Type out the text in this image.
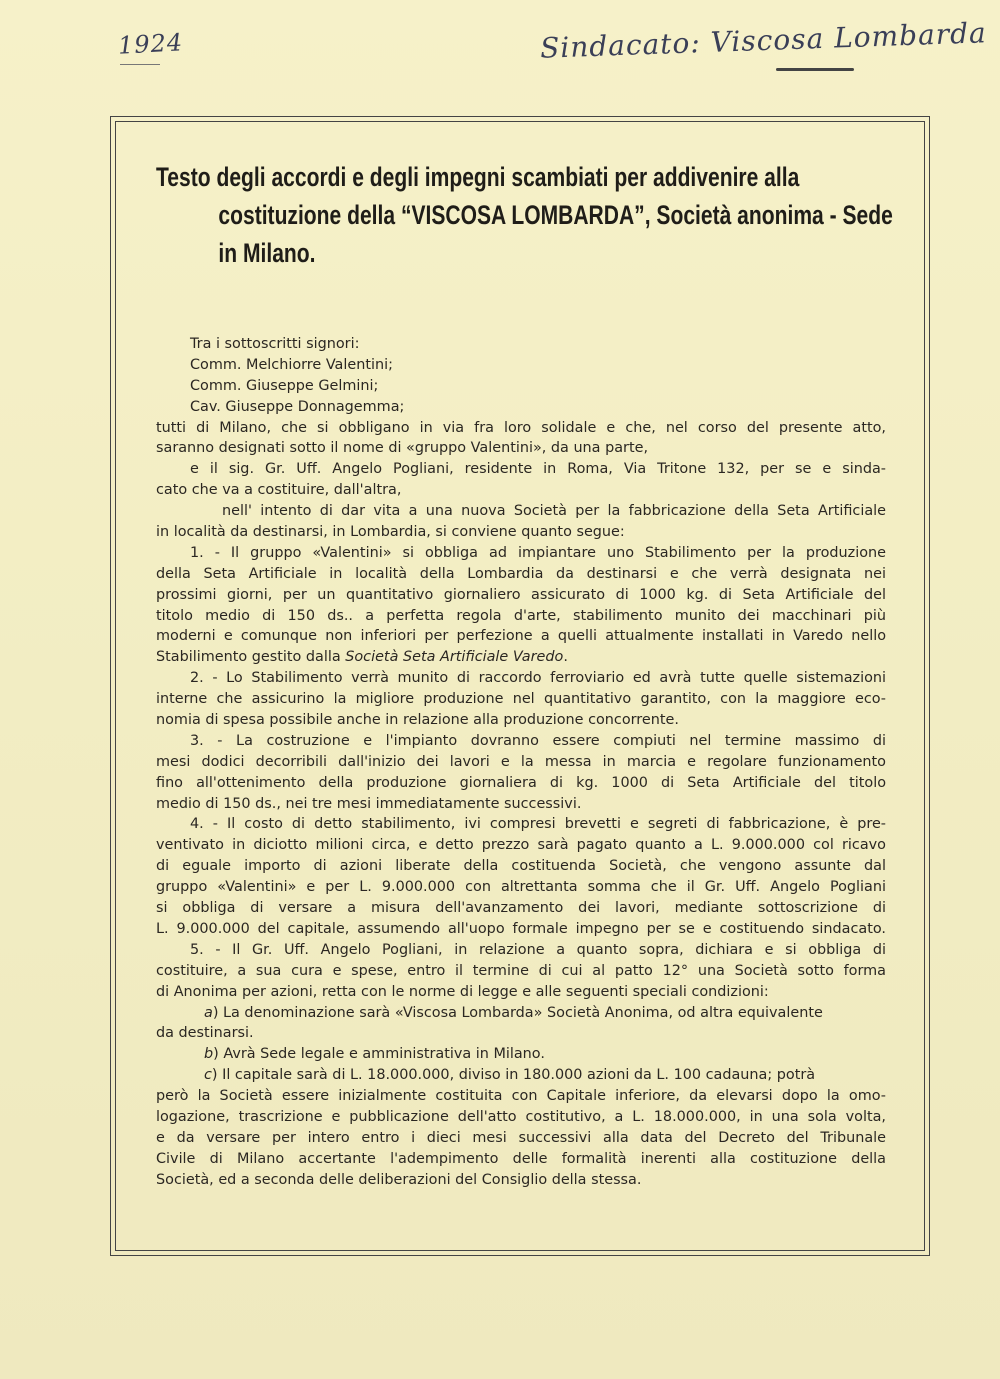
1924	Sindacato: Viscosa Lombarda
Testo degli accordi e degli impegni scambiati per addivenire alla
costituzione della “VISCOSA LOMBARDA”, Società anonima - Sede
in Milano.
Tra i sottoscritti signori:
Comm. Melchiorre Valentini;
Comm. Giuseppe Gelmini;
Cav. Giuseppe Donnagemma;
tutti di Milano, che si obbligano in via fra loro solidale e che, nel corso del presente atto,
saranno designati sotto il nome di «gruppo Valentini», da una parte,
e il sig. Gr. Uff. Angelo Pogliani, residente in Roma, Via Tritone 132, per se e sinda-
cato che va a costituire, dall'altra,
nell' intento di dar vita a una nuova Società per la fabbricazione della Seta Artificiale
in località da destinarsi, in Lombardia, si conviene quanto segue:
1. - Il gruppo «Valentini» si obbliga ad impiantare uno Stabilimento per la produzione
della Seta Artificiale in località della Lombardia da destinarsi e che verrà designata nei
prossimi giorni, per un quantitativo giornaliero assicurato di 1000 kg. di Seta Artificiale del
titolo medio di 150 ds.. a perfetta regola d'arte, stabilimento munito dei macchinari più
moderni e comunque non inferiori per perfezione a quelli attualmente installati in Varedo nello
Stabilimento gestito dalla Società Seta Artificiale Varedo.
2. - Lo Stabilimento verrà munito di raccordo ferroviario ed avrà tutte quelle sistemazioni
interne che assicurino la migliore produzione nel quantitativo garantito, con la maggiore eco-
nomia di spesa possibile anche in relazione alla produzione concorrente.
3. - La costruzione e l'impianto dovranno essere compiuti nel termine massimo di
mesi dodici decorribili dall'inizio dei lavori e la messa in marcia e regolare funzionamento
fino all'ottenimento della produzione giornaliera di kg. 1000 di Seta Artificiale del titolo
medio di 150 ds., nei tre mesi immediatamente successivi.
4. - Il costo di detto stabilimento, ivi compresi brevetti e segreti di fabbricazione, è pre-
ventivato in diciotto milioni circa, e detto prezzo sarà pagato quanto a L. 9.000.000 col ricavo
di eguale importo di azioni liberate della costituenda Società, che vengono assunte dal
gruppo «Valentini» e per L. 9.000.000 con altrettanta somma che il Gr. Uff. Angelo Pogliani
si obbliga di versare a misura dell'avanzamento dei lavori, mediante sottoscrizione di
L. 9.000.000 del capitale, assumendo all'uopo formale impegno per se e costituendo sindacato.
5. - Il Gr. Uff. Angelo Pogliani, in relazione a quanto sopra, dichiara e si obbliga di
costituire, a sua cura e spese, entro il termine di cui al patto 12° una Società sotto forma
di Anonima per azioni, retta con le norme di legge e alle seguenti speciali condizioni:
a) La denominazione sarà «Viscosa Lombarda» Società Anonima, od altra equivalente
da destinarsi.
b) Avrà Sede legale e amministrativa in Milano.
c) Il capitale sarà di L. 18.000.000, diviso in 180.000 azioni da L. 100 cadauna; potrà
però la Società essere inizialmente costituita con Capitale inferiore, da elevarsi dopo la omo-
logazione, trascrizione e pubblicazione dell'atto costitutivo, a L. 18.000.000, in una sola volta,
e da versare per intero entro i dieci mesi successivi alla data del Decreto del Tribunale
Civile di Milano accertante l'adempimento delle formalità inerenti alla costituzione della
Società, ed a seconda delle deliberazioni del Consiglio della stessa.
